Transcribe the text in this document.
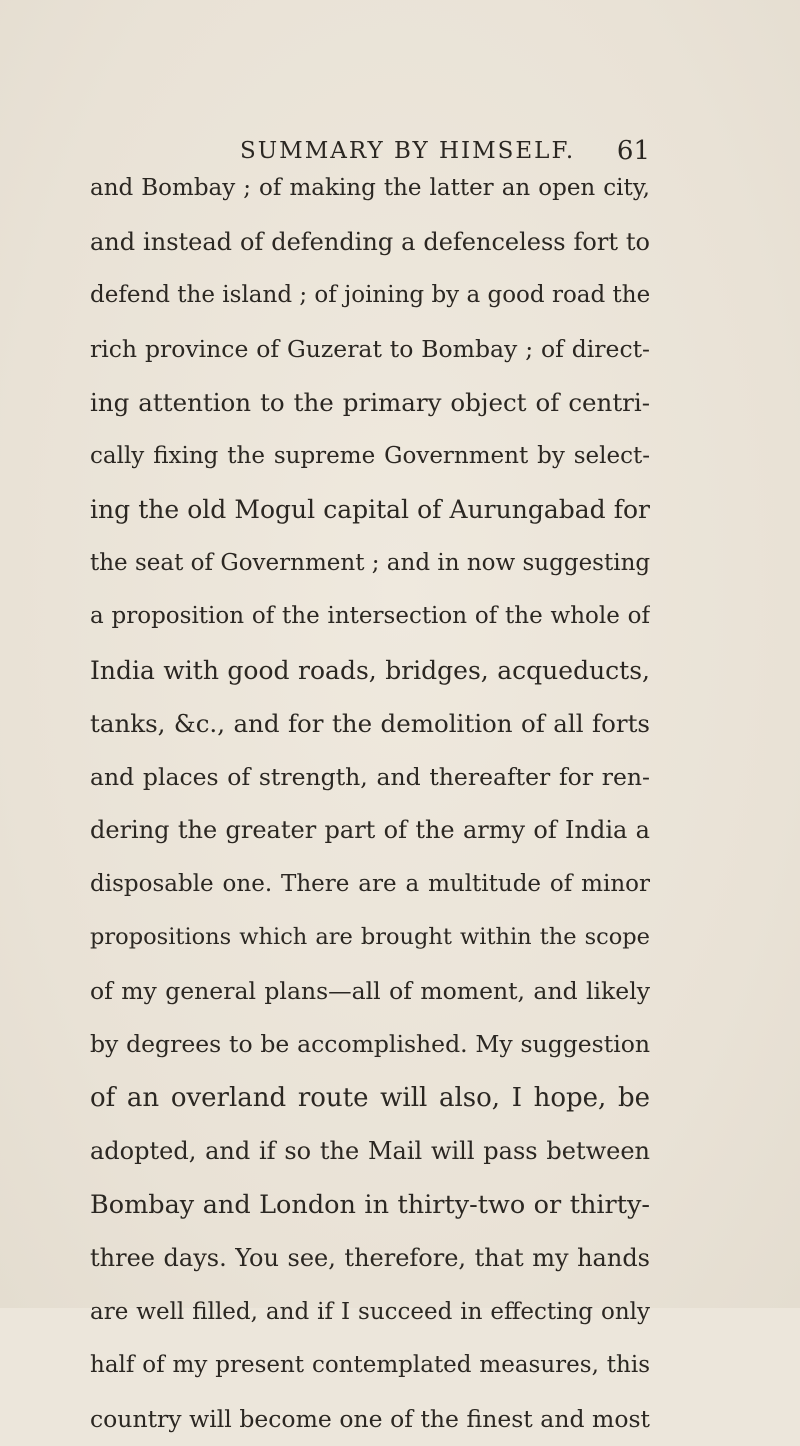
SUMMARY BY HIMSELF. 61
and Bombay ; of making the latter an open city,
and instead of defending a defenceless fort to
defend the island ; of joining by a good road the
rich province of Guzerat to Bombay ; of direct-
ing attention to the primary object of centri-
cally fixing the supreme Government by select-
ing the old Mogul capital of Aurungabad for
the seat of Government ; and in now suggesting
a proposition of the intersection of the whole of
India with good roads, bridges, acqueducts,
tanks, &c., and for the demolition of all forts
and places of strength, and thereafter for ren-
dering the greater part of the army of India a
disposable one. There are a multitude of minor
propositions which are brought within the scope
of my general plans—all of moment, and likely
by degrees to be accomplished. My suggestion
of an overland route will also, I hope, be
adopted, and if so the Mail will pass between
Bombay and London in thirty-two or thirty-
three days. You see, therefore, that my hands
are well filled, and if I succeed in effecting only
half of my present contemplated measures, this
country will become one of the finest and most
